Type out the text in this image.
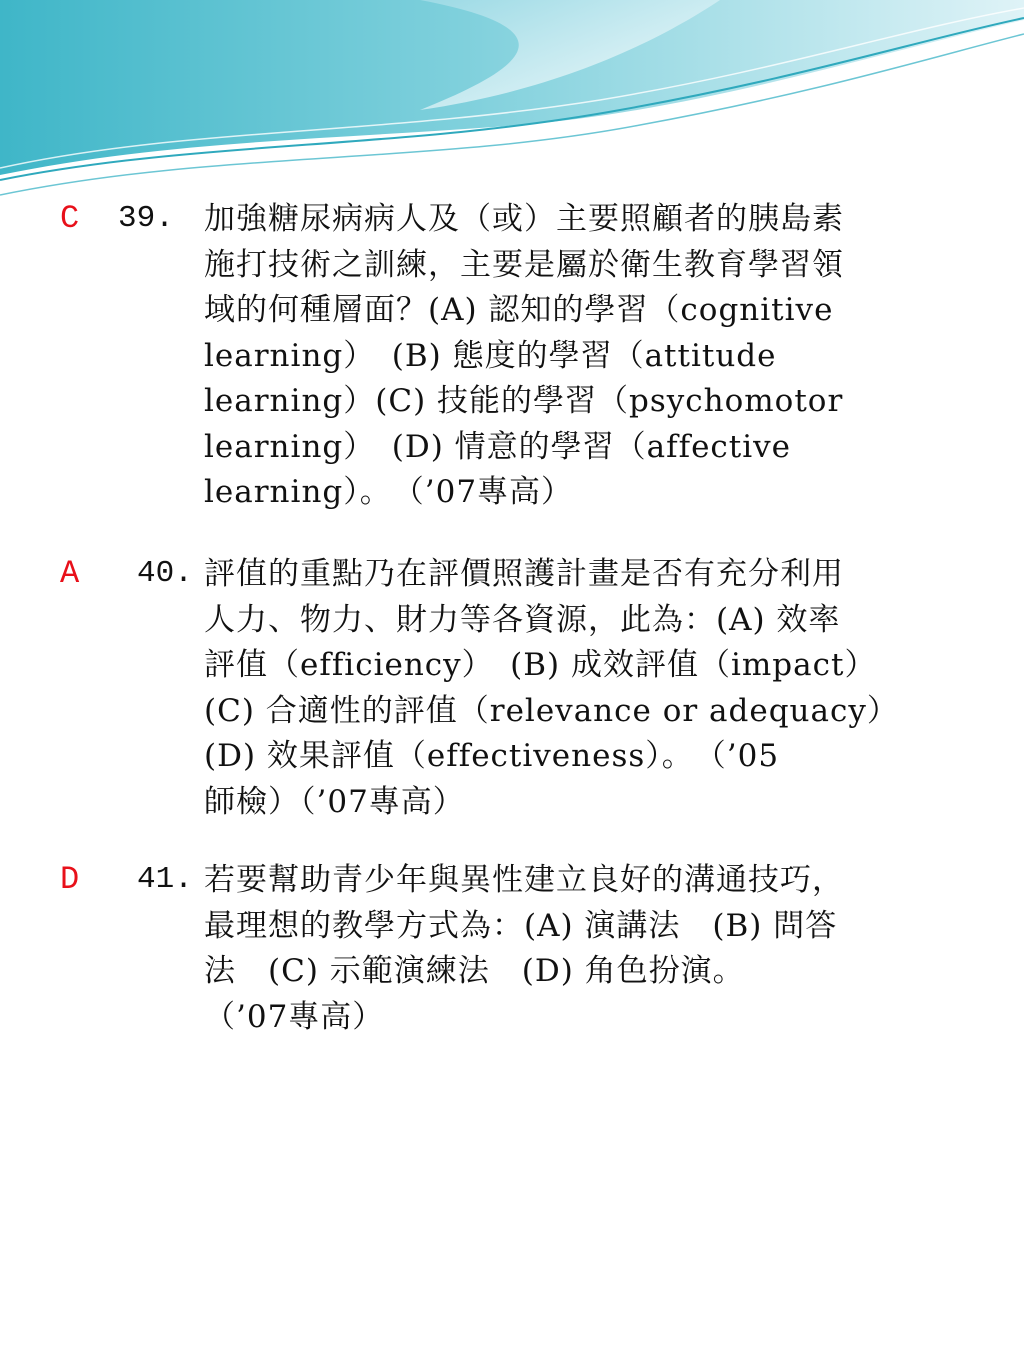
C 39. 加強糖尿病病人及（或）主要照顧者的胰島素
施打技術之訓練，主要是屬於衛生教育學習領
域的何種層面？(A) 認知的學習（cognitive
learning）　(B) 態度的學習（attitude
learning）(C) 技能的學習（psychomotor
learning）　(D) 情意的學習（affective
learning）。　（’07專高）

A 40. 評值的重點乃在評價照護計畫是否有充分利用
人力、物力、財力等各資源，此為：(A) 效率
評值（efficiency）　(B) 成效評值（impact）
(C) 合適性的評值（relevance or adequacy）
(D) 效果評值（effectiveness）。　（’05
師檢）（’07專高）

D 41. 若要幫助青少年與異性建立良好的溝通技巧，
最理想的教學方式為：(A) 演講法　(B) 問答
法　(C) 示範演練法　(D) 角色扮演。
（’07專高）
